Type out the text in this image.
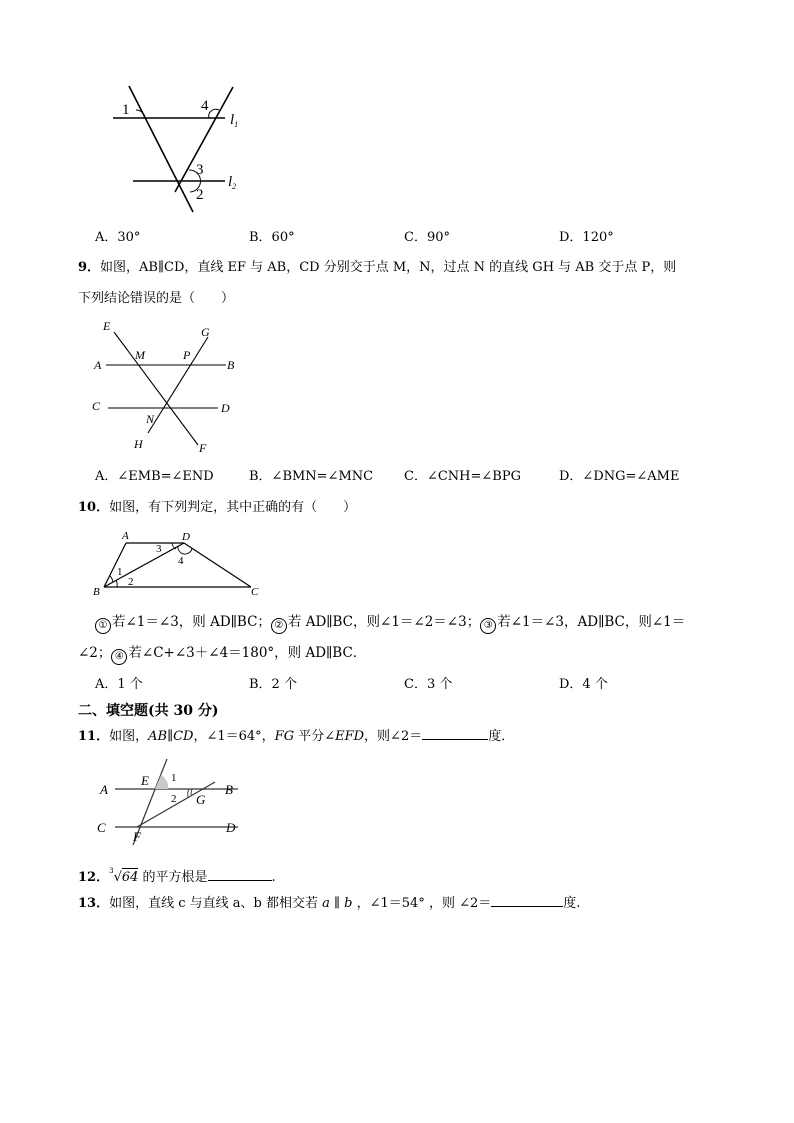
1	4
3
2
$l_1$
$l_2$
A．30°	B．60°	C．90°	D．120°
9．如图，AB∥CD，直线 EF 与 AB，CD 分别交于点 M，N，过点 N 的直线 GH 与 AB 交于点 P，则
下列结论错误的是（　　）
E	G
A
M	P
B
C
N
D
H	F
A．∠EMB=∠END	B．∠BMN=∠MNC C．∠CNH=∠BPG	D．∠DNG=∠AME
10．如图，有下列判定，其中正确的有（　　）
A	D
B	C
1
2
3
4
① 若∠1＝∠3，则 AD∥BC； ② 若 AD∥BC，则∠1＝∠2＝∠3； ③ 若∠1＝∠3，AD∥BC，则∠1＝
∠2； ④ 若∠C+∠3＋∠4＝180°，则 AD∥BC．
A．1 个	B．2 个	C．3 个	D．4 个
二、填空题(共 30 分)
11．如图，AB∥CD，∠1＝64°，FG 平分∠EFD，则∠2＝	度．
A
E 1
2 G
B
C
F
D
12．$^3$√64 的平方根是	.
13．如图，直线 c 与直线 a、b 都相交若 a ∥ b ，∠1＝54° ，则 ∠2＝	度.
